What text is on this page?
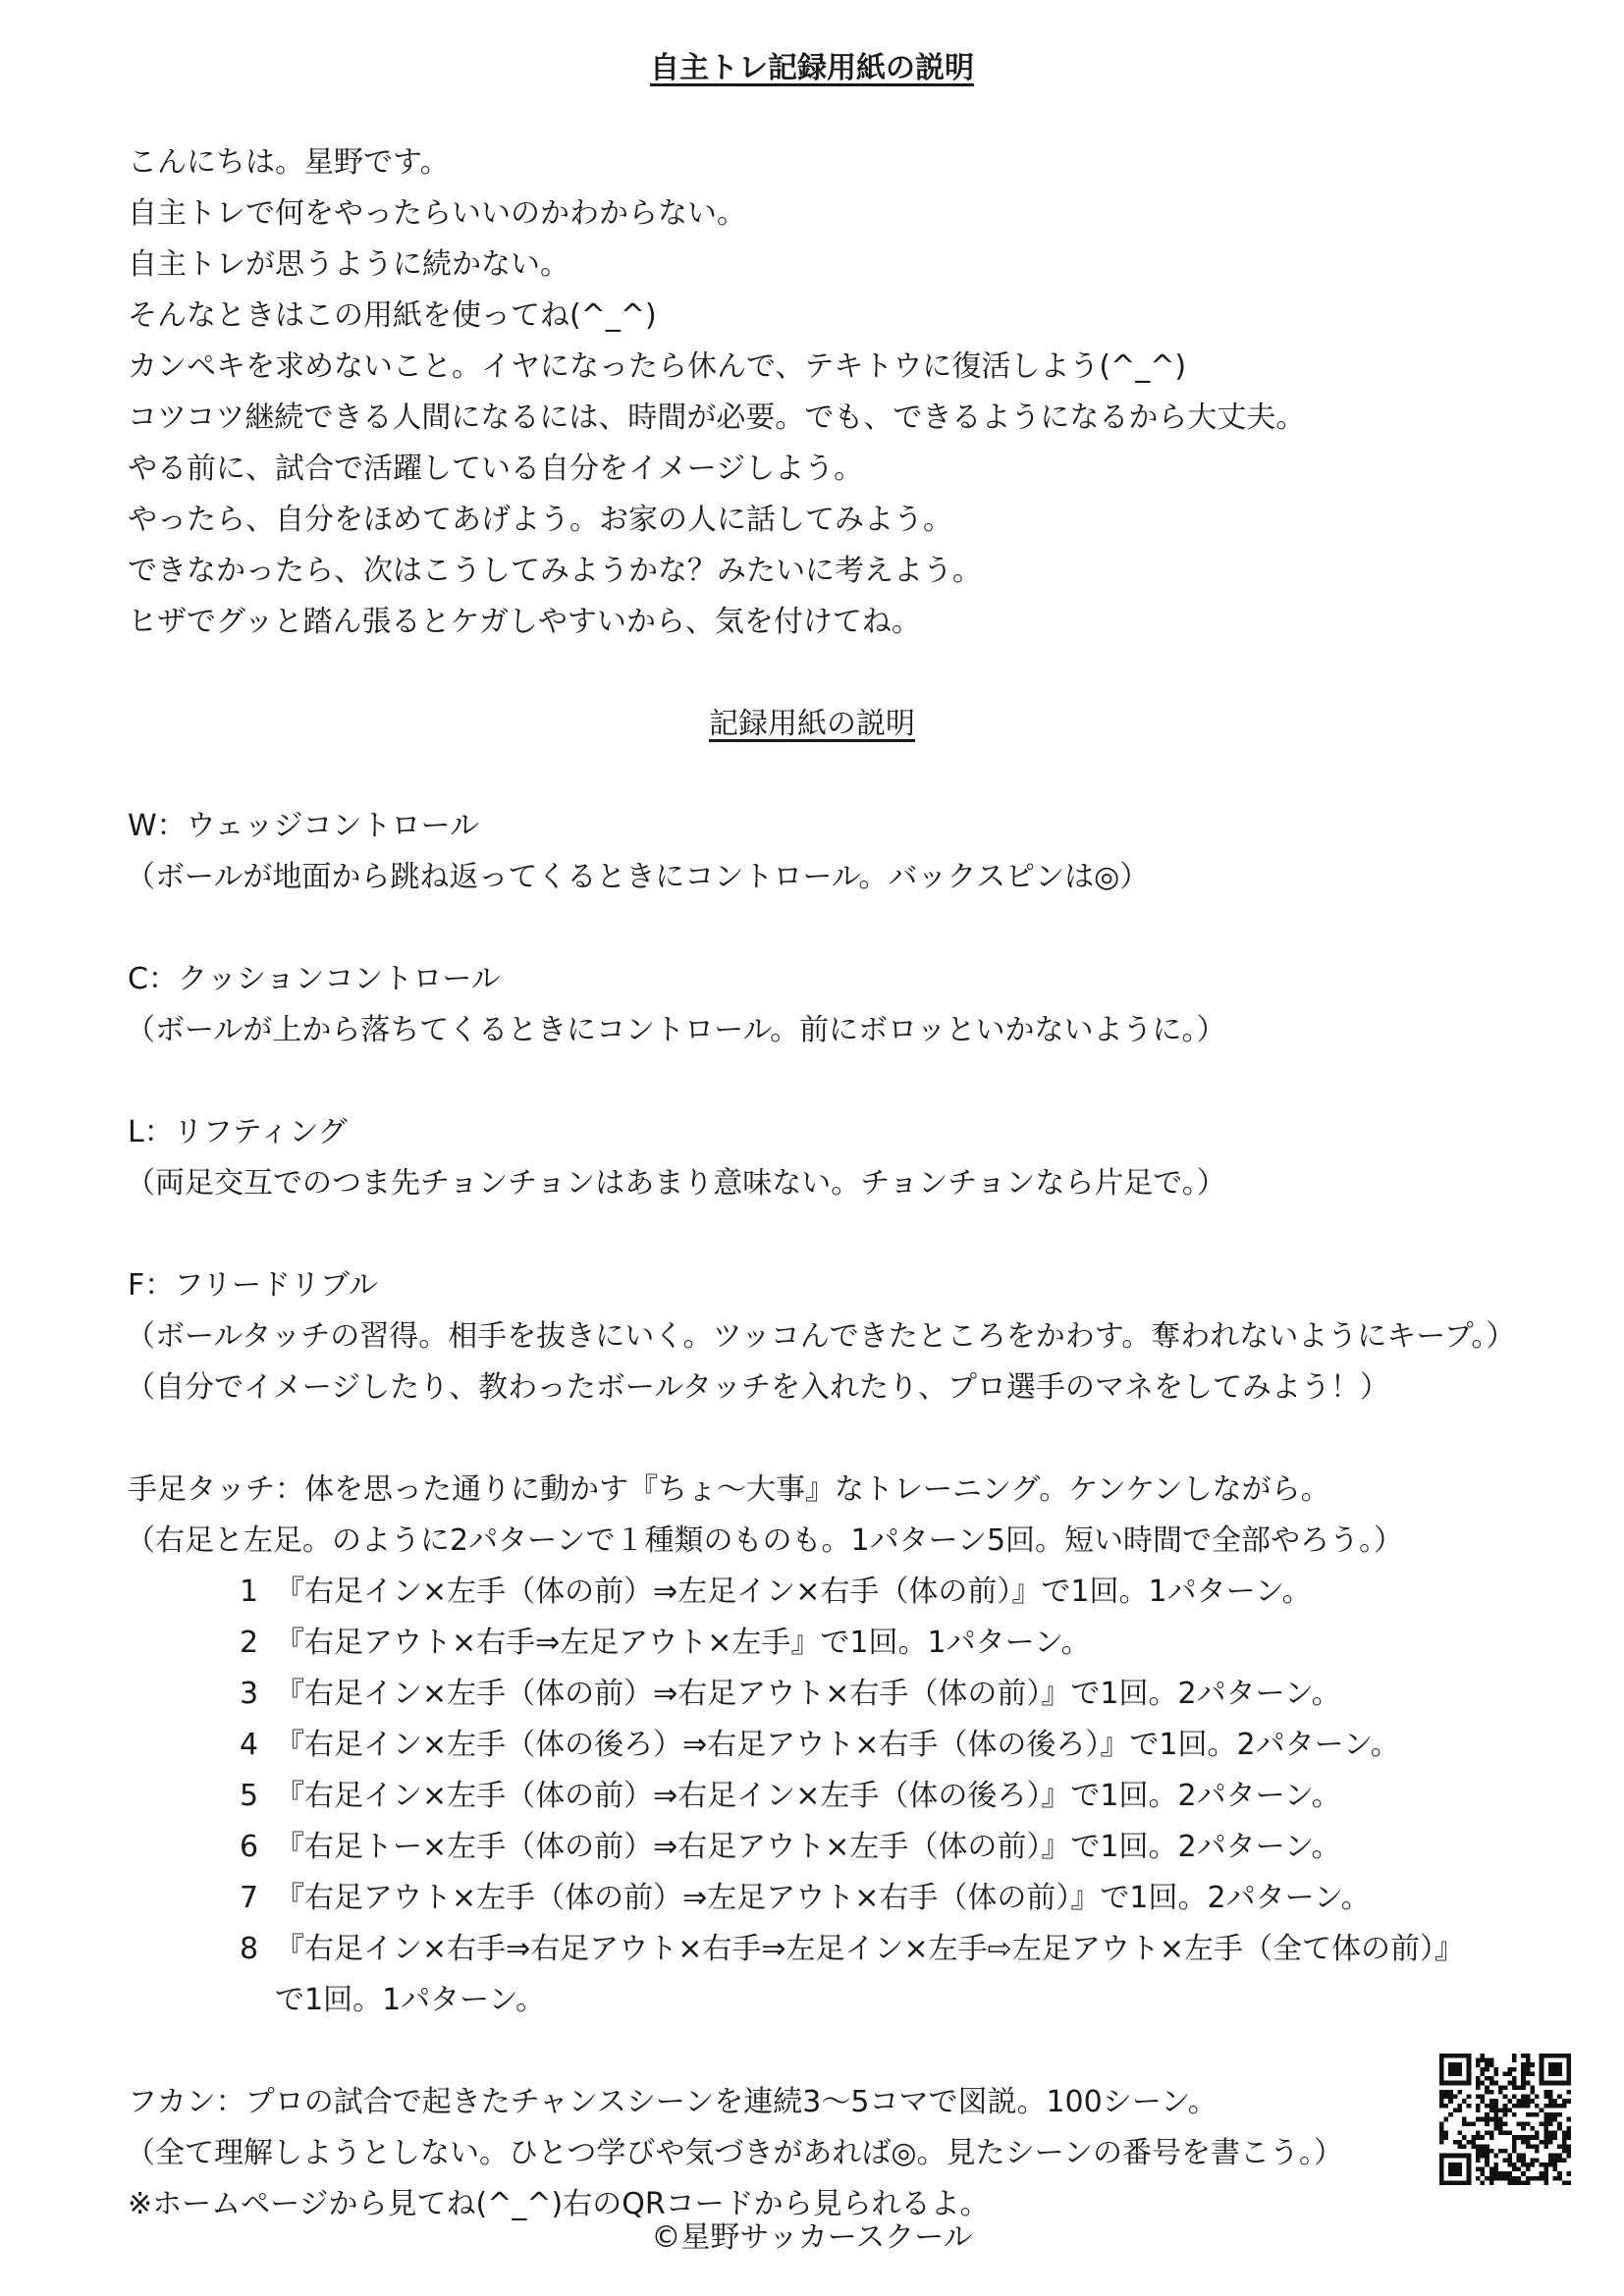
自主トレ記録用紙の説明
こんにちは。星野です。
自主トレで何をやったらいいのかわからない。
自主トレが思うように続かない。
そんなときはこの用紙を使ってね(^_^)
カンペキを求めないこと。イヤになったら休んで、テキトウに復活しよう(^_^)
コツコツ継続できる人間になるには、時間が必要。でも、できるようになるから大丈夫。
やる前に、試合で活躍している自分をイメージしよう。
やったら、自分をほめてあげよう。お家の人に話してみよう。
できなかったら、次はこうしてみようかな？みたいに考えよう。
ヒザでグッと踏ん張るとケガしやすいから、気を付けてね。
記録用紙の説明
W：ウェッジコントロール
（ボールが地面から跳ね返ってくるときにコントロール。バックスピンは◎）
C：クッションコントロール
（ボールが上から落ちてくるときにコントロール。前にボロッといかないように。）
L：リフティング
（両足交互でのつま先チョンチョンはあまり意味ない。チョンチョンなら片足で。）
F：フリードリブル
（ボールタッチの習得。相手を抜きにいく。ツッコんできたところをかわす。奪われないようにキープ。）
（自分でイメージしたり、教わったボールタッチを入れたり、プロ選手のマネをしてみよう！）
手足タッチ：体を思った通りに動かす『ちょ〜大事』なトレーニング。ケンケンしながら。
（右足と左足。のように2パターンで１種類のものも。1パターン5回。短い時間で全部やろう。）
1 『右足イン×左手（体の前）⇒左足イン×右手（体の前）』で1回。1パターン。
2 『右足アウト×右手⇒左足アウト×左手』で1回。1パターン。
3 『右足イン×左手（体の前）⇒右足アウト×右手（体の前）』で1回。2パターン。
4 『右足イン×左手（体の後ろ）⇒右足アウト×右手（体の後ろ）』で1回。2パターン。
5 『右足イン×左手（体の前）⇒右足イン×左手（体の後ろ）』で1回。2パターン。
6 『右足トー×左手（体の前）⇒右足アウト×左手（体の前）』で1回。2パターン。
7 『右足アウト×左手（体の前）⇒左足アウト×右手（体の前）』で1回。2パターン。
8 『右足イン×右手⇒右足アウト×右手⇒左足イン×左手⇨左足アウト×左手（全て体の前）』
で1回。1パターン。
フカン：プロの試合で起きたチャンスシーンを連続3〜5コマで図説。100シーン。
（全て理解しようとしない。ひとつ学びや気づきがあれば◎。見たシーンの番号を書こう。）
※ホームページから見てね(^_^)右のQRコードから見られるよ。
©星野サッカースクール
